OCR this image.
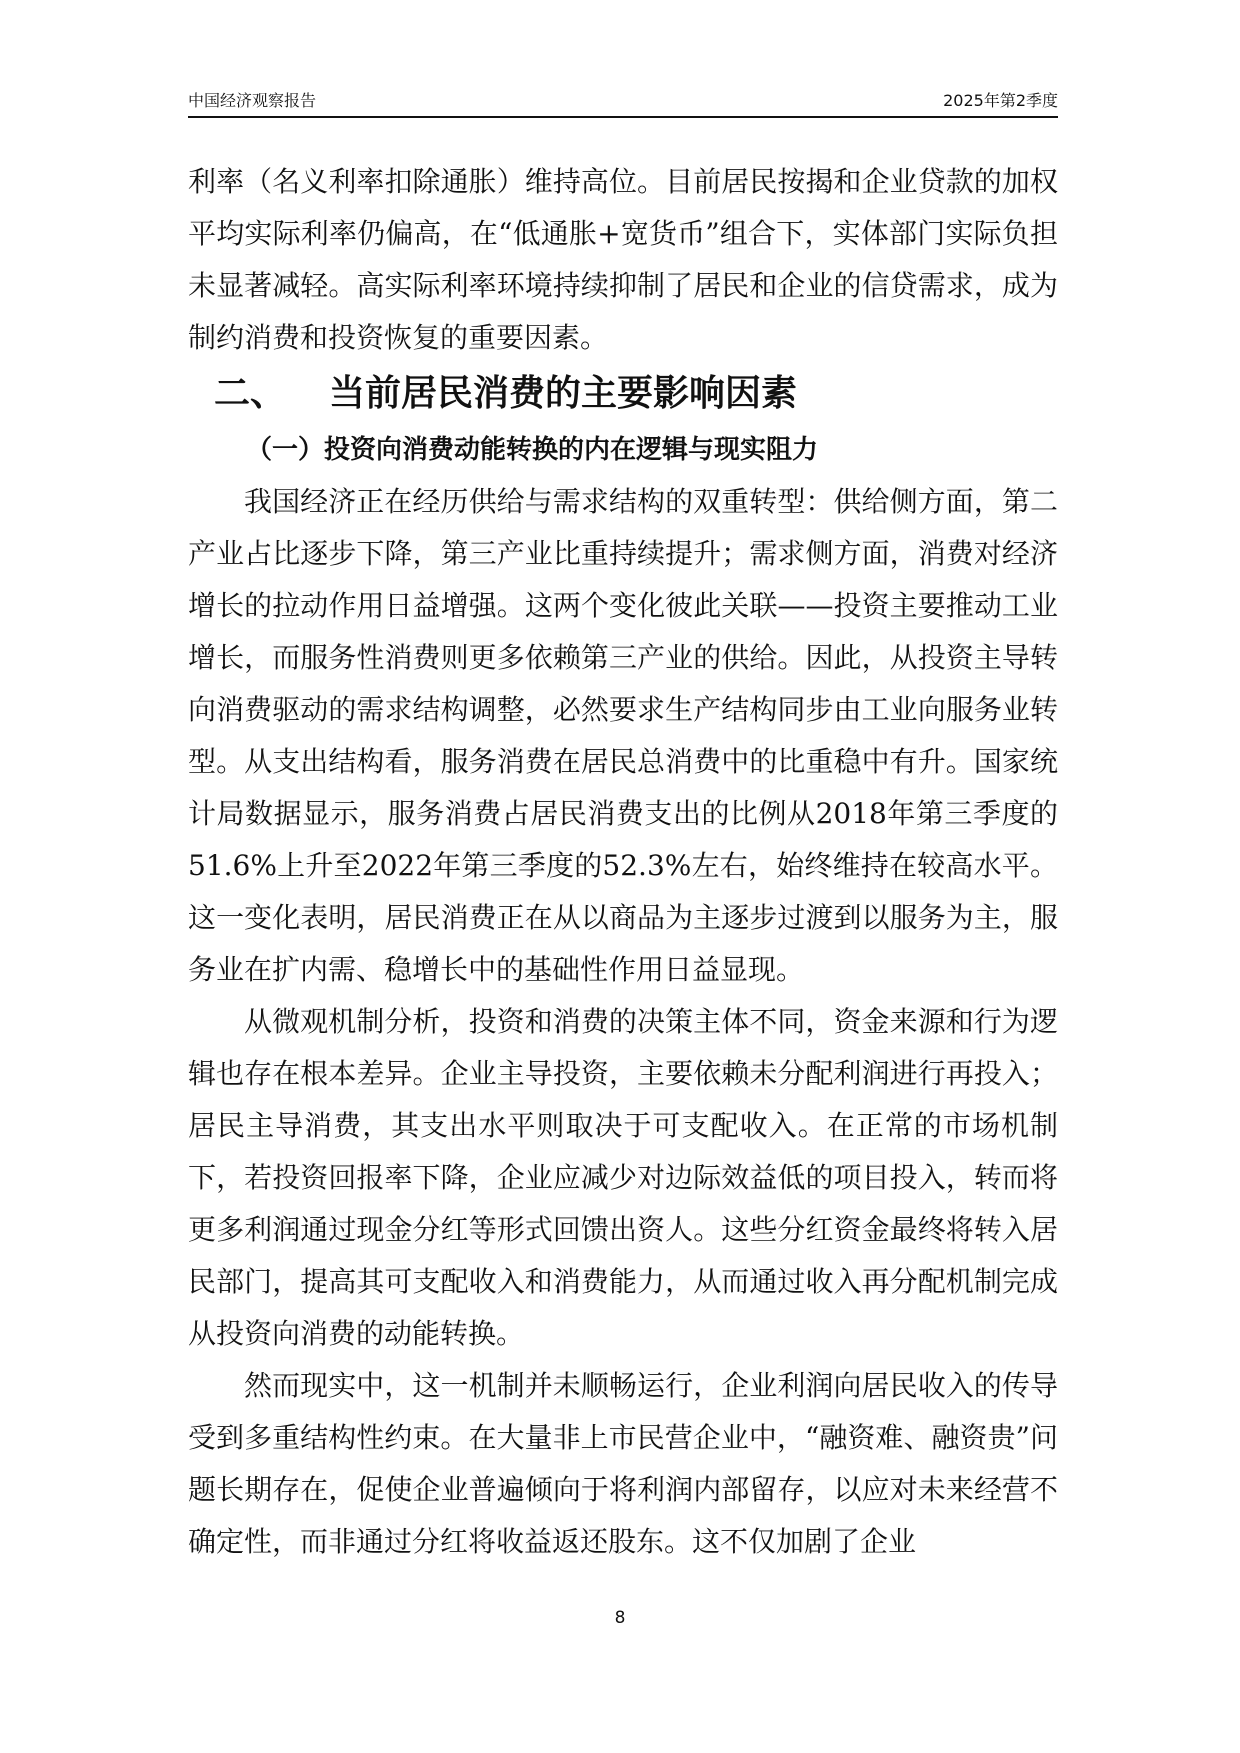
中国经济观察报告	2025年第2季度

利率（名义利率扣除通胀）维持高位。目前居民按揭和企业贷款的加权平均实际利率仍偏高，在“低通胀+宽货币”组合下，实体部门实际负担未显著减轻。高实际利率环境持续抑制了居民和企业的信贷需求，成为制约消费和投资恢复的重要因素。

二、 当前居民消费的主要影响因素
（一）投资向消费动能转换的内在逻辑与现实阻力

我国经济正在经历供给与需求结构的双重转型：供给侧方面，第二产业占比逐步下降，第三产业比重持续提升；需求侧方面，消费对经济增长的拉动作用日益增强。这两个变化彼此关联——投资主要推动工业增长，而服务性消费则更多依赖第三产业的供给。因此，从投资主导转向消费驱动的需求结构调整，必然要求生产结构同步由工业向服务业转型。从支出结构看，服务消费在居民总消费中的比重稳中有升。国家统计局数据显示，服务消费占居民消费支出的比例从2018年第三季度的51.6%上升至2022年第三季度的52.3%左右，始终维持在较高水平。这一变化表明，居民消费正在从以商品为主逐步过渡到以服务为主，服务业在扩内需、稳增长中的基础性作用日益显现。

从微观机制分析，投资和消费的决策主体不同，资金来源和行为逻辑也存在根本差异。企业主导投资，主要依赖未分配利润进行再投入；居民主导消费，其支出水平则取决于可支配收入。在正常的市场机制下，若投资回报率下降，企业应减少对边际效益低的项目投入，转而将更多利润通过现金分红等形式回馈出资人。这些分红资金最终将转入居民部门，提高其可支配收入和消费能力，从而通过收入再分配机制完成从投资向消费的动能转换。

然而现实中，这一机制并未顺畅运行，企业利润向居民收入的传导受到多重结构性约束。在大量非上市民营企业中，“融资难、融资贵”问题长期存在，促使企业普遍倾向于将利润内部留存，以应对未来经营不确定性，而非通过分红将收益返还股东。这不仅加剧了企业

8
